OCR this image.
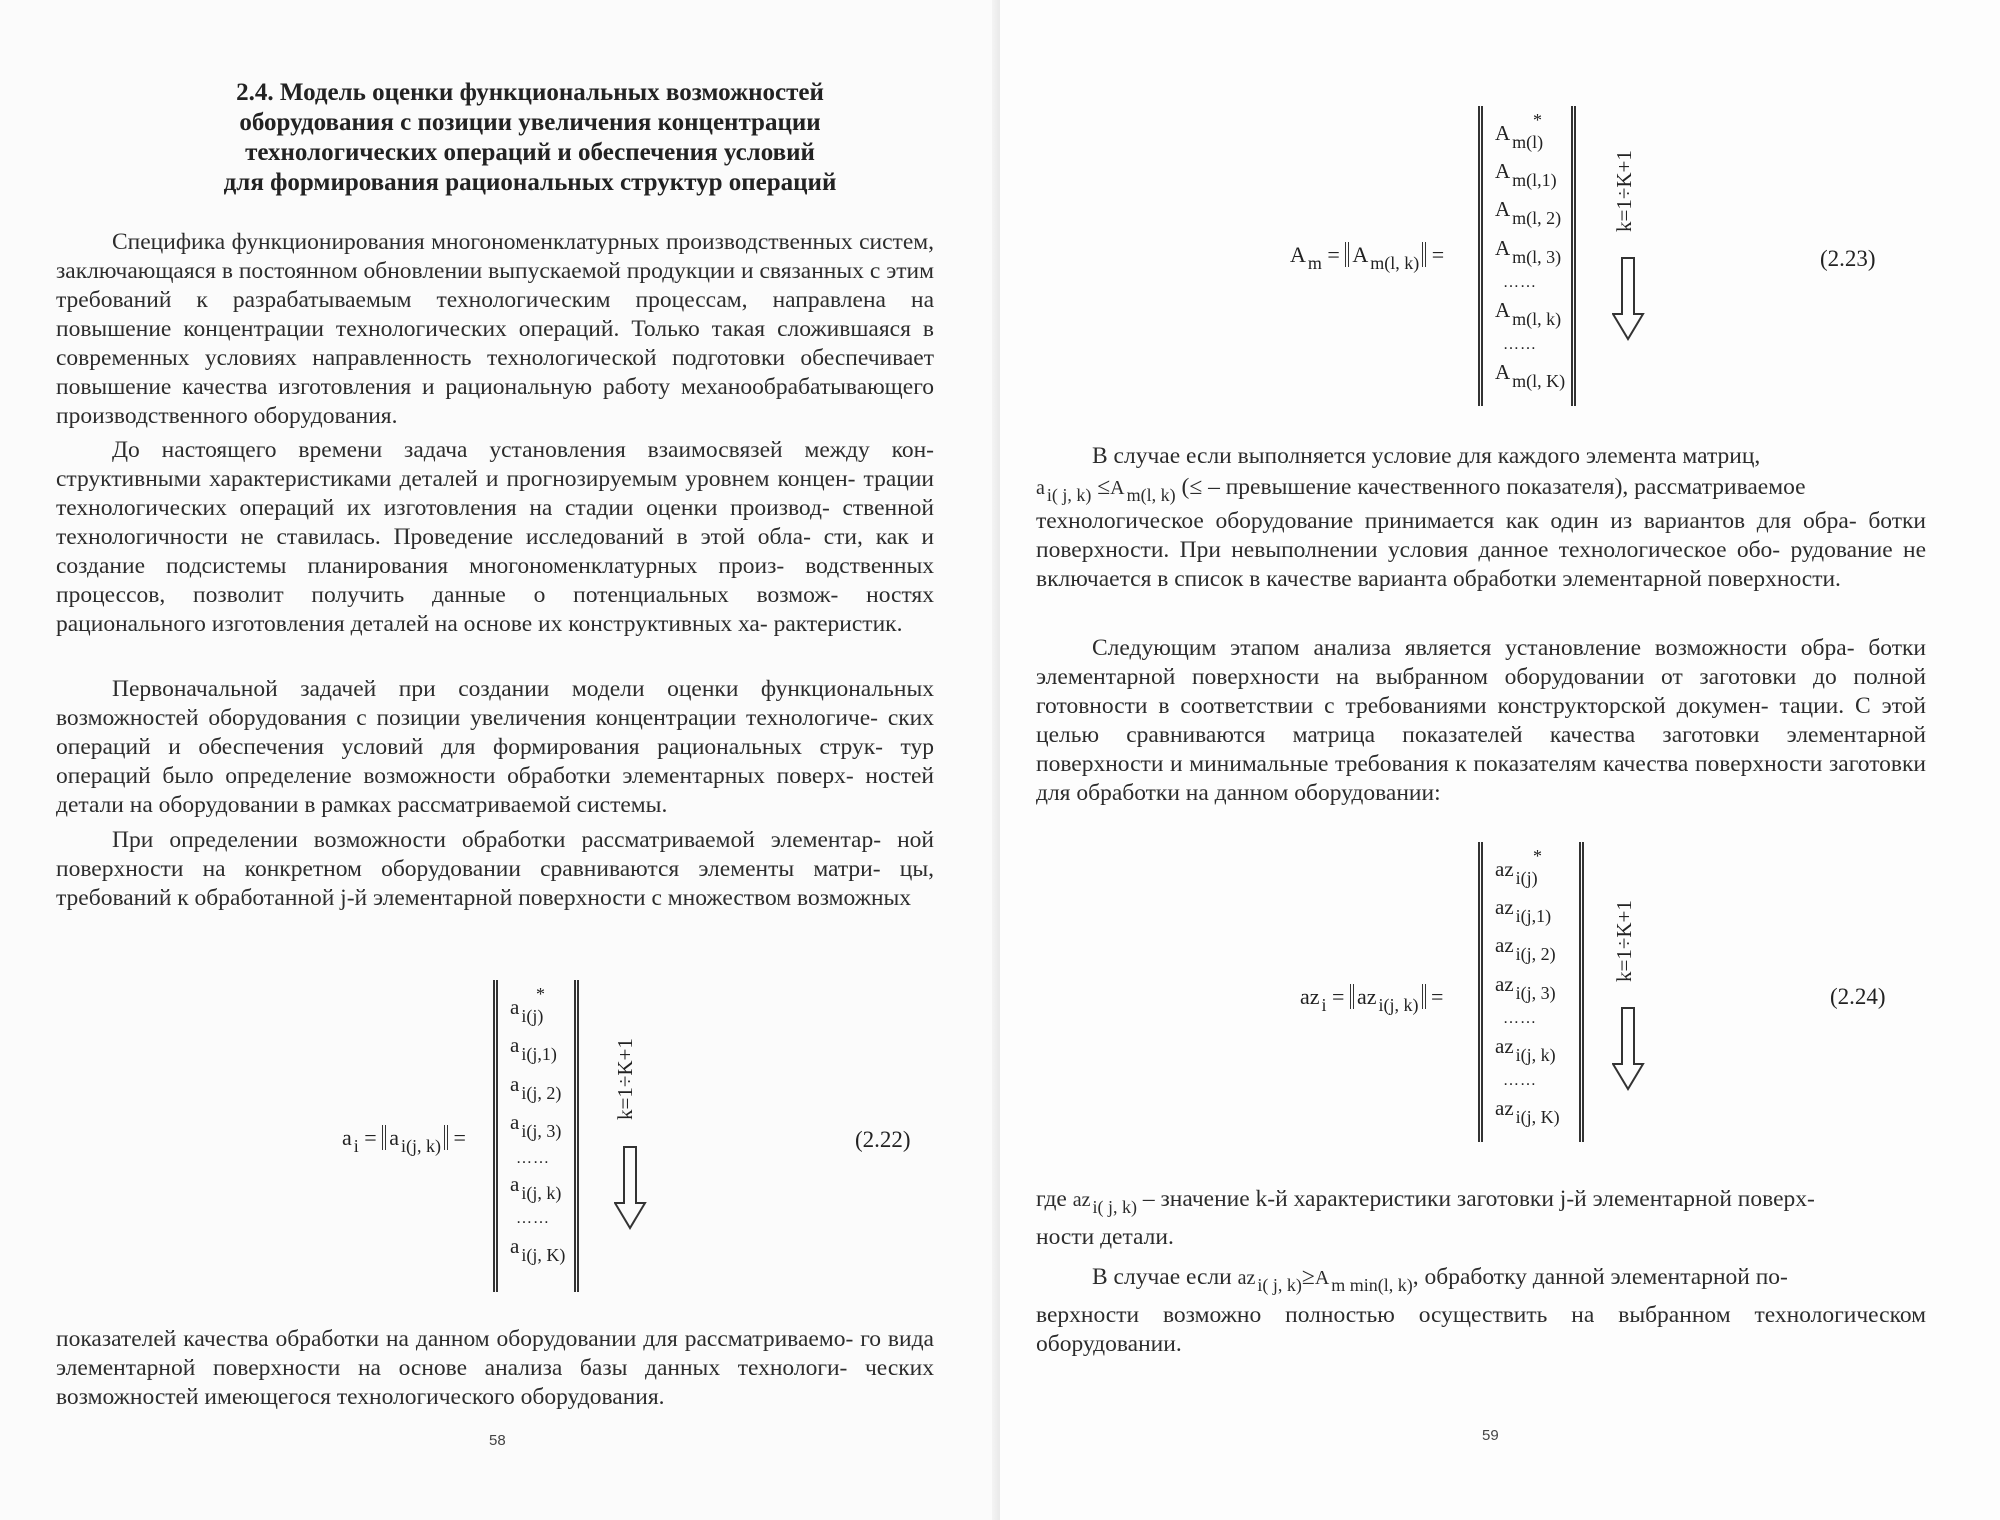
2.4. Модель оценки функциональных возможностей
оборудования с позиции увеличения концентрации
технологических операций и обеспечения условий
для формирования рациональных структур операций

Специфика функционирования многономенклатурных производственных систем, заключающаяся в постоянном обновлении выпускаемой продукции и связанных с этим требований к разрабатываемым технологическим процессам, направлена на повышение концентрации технологических операций. Только такая сложившаяся в современных условиях направленность технологической подготовки обеспечивает повышение качества изготовления и рациональную работу механообрабатывающего производственного оборудования.

До настоящего времени задача установления взаимосвязей между кон- структивными характеристиками деталей и прогнозируемым уровнем концен- трации технологических операций их изготовления на стадии оценки производ- ственной технологичности не ставилась. Проведение исследований в этой обла- сти, как и создание подсистемы планирования многономенклатурных произ- водственных процессов, позволит получить данные о потенциальных возмож- ностях рационального изготовления деталей на основе их конструктивных ха- рактеристик.

Первоначальной задачей при создании модели оценки функциональных возможностей оборудования с позиции увеличения концентрации технологиче- ских операций и обеспечения условий для формирования рациональных струк- тур операций было определение возможности обработки элементарных поверх- ностей детали на оборудовании в рамках рассматриваемой системы.

При определении возможности обработки рассматриваемой элементар- ной поверхности на конкретном оборудовании сравниваются элементы матри- цы, требований к обработанной j-й элементарной поверхности с множеством возможных

a $_i$ = a $_{i(j, k)}$ =
*
a i(j)
a i(j,1)
a i(j, 2)
a i(j, 3)
……
a i(j, k)
……
a i(j, K)
k=1÷K+1
(2.22)

показателей качества обработки на данном оборудовании для рассматриваемо- го вида элементарной поверхности на основе анализа базы данных технологи- ческих возможностей имеющегося технологического оборудования.

58
A $_m$ = A $_{m(l, k)}$ =
*
A m(l)
A m(l,1)
A m(l, 2)
A m(l, 3)
……
A m(l, k)
……
A m(l, K)
k=1÷K+1
(2.23)

В случае если выполняется условие для каждого элемента матриц,

a $_{i( j, k)}$ ≤A $_{m(l, k)}$ (≤ – превышение качественного показателя), рассматриваемое

технологическое оборудование принимается как один из вариантов для обра- ботки поверхности. При невыполнении условия данное технологическое обо- рудование не включается в список в качестве варианта обработки элементарной поверхности.

Следующим этапом анализа является установление возможности обра- ботки элементарной поверхности на выбранном оборудовании от заготовки до полной готовности в соответствии с требованиями конструкторской докумен- тации. С этой целью сравниваются матрица показателей качества заготовки элементарной поверхности и минимальные требования к показателям качества поверхности заготовки для обработки на данном оборудовании:

az $_i$ = az $_{i(j, k)}$ =
*
az i(j)
az i(j,1)
az i(j, 2)
az i(j, 3)
……
az i(j, k)
……
az i(j, K)
k=1÷K+1
(2.24)

где az $_{i( j, k)}$ – значение k-й характеристики заготовки j-й элементарной поверх-

ности детали.

В случае если az $_{i( j, k)}$≥A $_{m min(l, k)}$, обработку данной элементарной по-

верхности возможно полностью осуществить на выбранном технологическом оборудовании.

59
